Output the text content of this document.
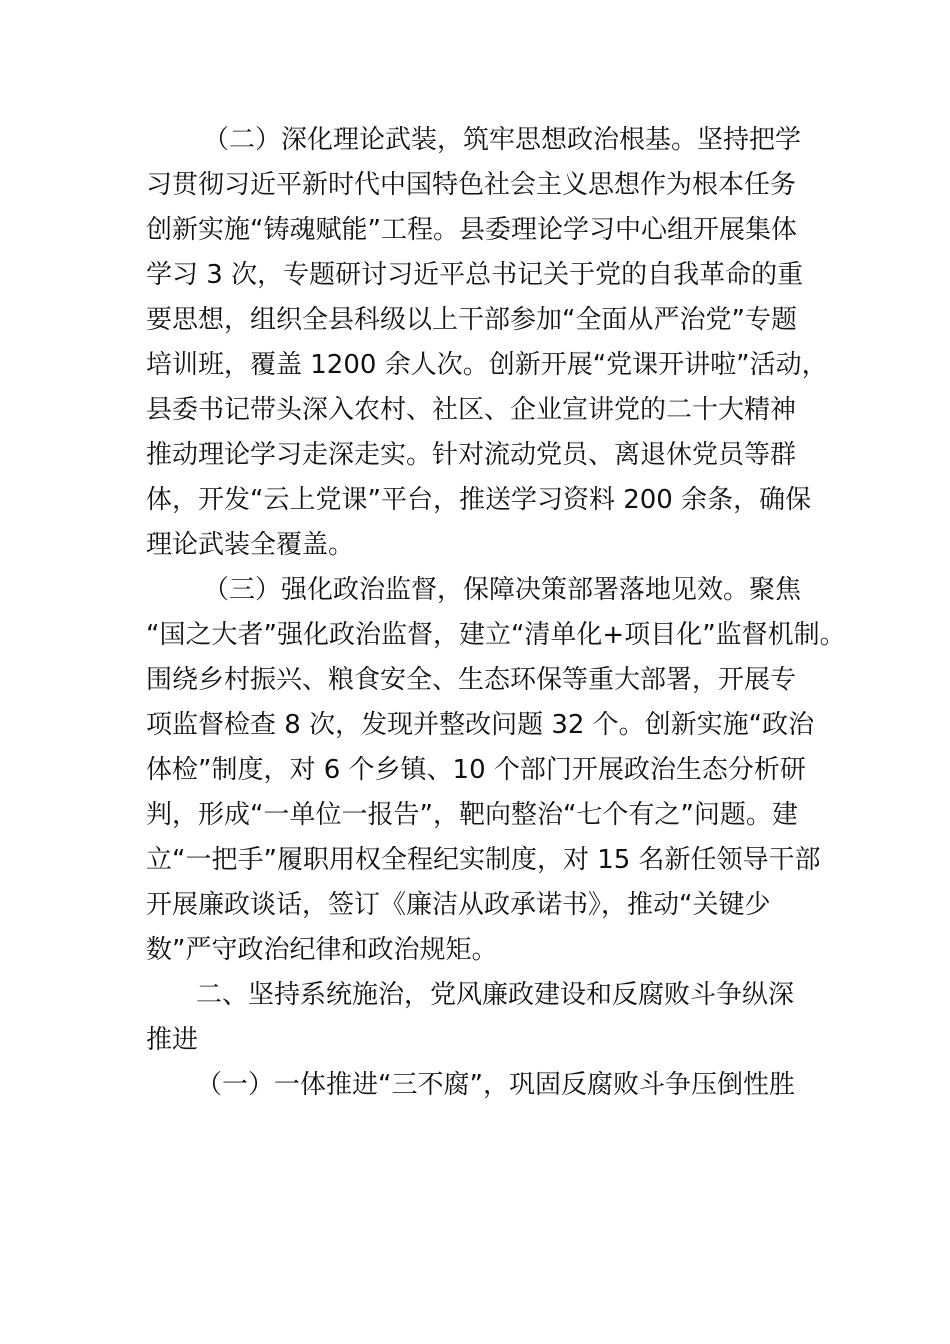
（二）深化理论武装，筑牢思想政治根基。坚持把学
习贯彻习近平新时代中国特色社会主义思想作为根本任务
创新实施“铸魂赋能”工程。县委理论学习中心组开展集体
学习 3 次，专题研讨习近平总书记关于党的自我革命的重
要思想，组织全县科级以上干部参加“全面从严治党”专题
培训班，覆盖 1200 余人次。创新开展“党课开讲啦”活动，
县委书记带头深入农村、社区、企业宣讲党的二十大精神
推动理论学习走深走实。针对流动党员、离退休党员等群
体，开发“云上党课”平台，推送学习资料 200 余条，确保
理论武装全覆盖。
（三）强化政治监督，保障决策部署落地见效。聚焦
“国之大者”强化政治监督，建立“清单化+项目化”监督机制。
围绕乡村振兴、粮食安全、生态环保等重大部署，开展专
项监督检查 8 次，发现并整改问题 32 个。创新实施“政治
体检”制度，对 6 个乡镇、10 个部门开展政治生态分析研
判，形成“一单位一报告”，靶向整治“七个有之”问题。建
立“一把手”履职用权全程纪实制度，对 15 名新任领导干部
开展廉政谈话，签订《廉洁从政承诺书》，推动“关键少
数”严守政治纪律和政治规矩。
二、坚持系统施治，党风廉政建设和反腐败斗争纵深
推进
（一）一体推进“三不腐”，巩固反腐败斗争压倒性胜
